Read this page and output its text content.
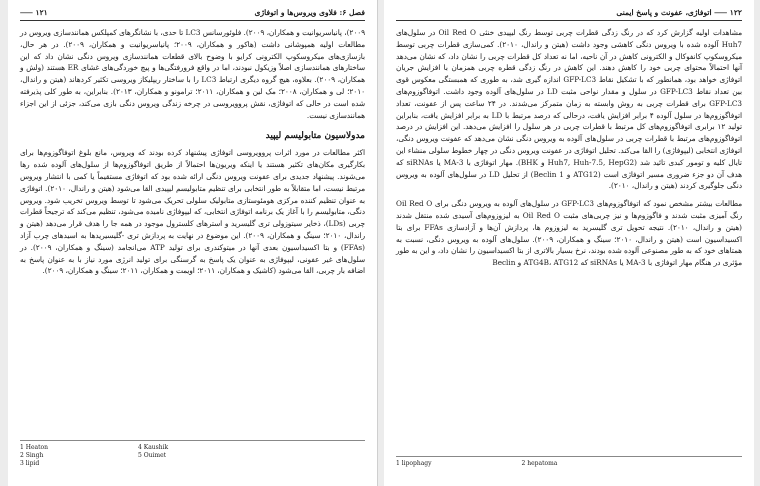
فصل ۶: فلاوی ویروس‌ها و اتوفاژی
۱۲۱ ⸺

۲۰۰۹)، پانیاسریوانیت و همکاران، ۲۰۰۹). فلوئورسانس LC3 تا حدی، با نشانگرهای کمپلکس همانندسازی ویروس در مطالعات اولیه همپوشانی داشت (هاکور و همکاران، ۲۰۰۹؛ پانیاسریوانیت و همکاران، ۲۰۰۹). در هر حال، بازسازی‌های میکروسکوپ الکترونی کرایو با وضوح بالای قطعات همانندسازی ویروس دنگی نشان داد که این ساختارهای همانندسازی اصلاً وزیکول نبودند، اما در واقع فرورفتگی‌ها و پیچ خوردگی‌های غشای ER هستند (ولش و همکاران، ۲۰۰۹). بعلاوه، هیچ گروه دیگری ارتباط LC3 را با ساختار ریپلیکاز ویروسی تکثیر کردهاند (هیتن و راندال، ۲۰۱۰؛ لی و همکاران، ۲۰۰۸؛ مک لین و همکاران، ۲۰۱۱؛ ترامونو و همکاران، ۲۰۱۳). بنابراین، به طور کلی پذیرفته شده است در حالی که اتوفاژی، نقش پروویروسی در چرخه زندگی ویروس دنگی بازی می‌کند، جزئی از این اجزاء همانندسازی نیست.

مدولاسیون متابولیسم لیپید

اکثر مطالعات در مورد اثرات پروویروسی اتوفاژی پیشنهاد کرده بودند که ویروس، مانع بلوغ اتوفاگوزوم‌ها برای بکارگیری مکان‌های تکثیر هستند یا اینکه ویریون‌ها احتمالاً از طریق اتوفاگوزوم‌ها از سلول‌های آلوده شده رها می‌شوند. پیشنهاد جدیدی برای عفونت ویروس دنگی ارائه شده بود که اتوفاژی مستقیماً یا کمی با انتشار ویروس مرتبط نیست، اما متقابلاً به طور انتخابی برای تنظیم متابولیسم لیپیدی القا می‌شود (هیتن و راندال، ۲۰۱۰). اتوفاژی به عنوان تنظیم کننده مرکزی هومئوستازی متابولیک سلولی تحریک می‌شود تا توسط ویروس تخریب شود. ویروس دنگی، متابولیسم را با آغاز یک برنامه اتوفاژی انتخابی، که لیپوفاژی نامیده می‌شود، تنظیم می‌کند که ترجیحاً قطرات چربی (LDs)، ذخایر سیتوزولی تری گلیسرید و استرهای کلسترول موجود در همه جا را هدف قرار می‌دهد (هیتن و راندال، ۲۰۱۰؛ سینگ و همکاران، ۲۰۰۹). این موضوع در نهایت به پردازش تری -گلیسیریدها به اسیدهای چرب آزاد (FFAs) و بتا اکسیداسیون بعدی آنها در میتوکندری برای تولید ATP می‌انجامد (سینگ و همکاران، ۲۰۰۹). در سلول‌های غیر عفونی، لیپوفاژی به عنوان یک پاسخ به گرسنگی برای تولید انرژی مورد نیاز با به عنوان پاسخ به اضافه بار چربی، القا می‌شود (کاشیک و همکاران، ۲۰۱۱؛ اویمت و همکاران، ۲۰۱۱؛ سینگ و همکاران، ۲۰۰۹).

1 Heaton
2 Singh
3 lipid
4 Kaushik
5 Ouimet
۱۲۲ ⸺ اتوفاژی، عفونت و پاسخ ایمنی

مشاهدات اولیه گزارش کرد که در رنگ زدگی قطرات چربی توسط رنگ لیپیدی خنثی Oil Red O در سلول‌های Huh7 آلوده شده با ویروس دنگی کاهشی وجود داشت (هیتن و راندال، ۲۰۱۰). کمی‌سازی قطرات چربی توسط میکروسکوپ کانفوکال و الکترونی کاهش در آن ناحیه، اما نه تعداد کل قطرات چربی را نشان داد، که نشان می‌دهد آنها احتمالاً محتوای چربی خود را کاهش دهند. این کاهش در رنگ زدگی قطره چربی همزمان با افزایش جریان اتوفاژی خواهد بود، همانطور که با تشکیل نقاط GFP-LC3 اندازه گیری شد، به طوری که همبستگی معکوس قوی بین تعداد نقاط GFP-LC3 در سلول و مقدار نواحی مثبت LD در سلول‌های آلوده وجود داشت. اتوفاگوزوم‌های GFP-LC3 برای قطرات چربی به روش وابسته به زمان متمرکز می‌شدند. در ۲۴ ساعت پس از عفونت، تعداد اتوفاگوزوم‌ها در سلول آلوده ۴ برابر افزایش یافت، درحالی که درصد مرتبط با LD به برابر افزایش یافت، بنابراین تولید ۱۲ برابری اتوفاگوزوم‌های کل مرتبط با قطرات چربی در هر سلول را افزایش می‌دهد. این افزایش در درصد اتوفاگوزوم‌های مرتبط با قطرات چربی در سلول‌های آلوده به ویروس دنگی نشان می‌دهد که عفونت ویروس دنگی، اتوفاژی انتخابی (لیپوفاژی) را القا می‌کند. تحلیل اتوفاژی در عفونت ویروس دنگی در چهار خطوط سلولی منشاء این تایال کلیه و تومور کبدی تائید شد (Huh7, Huh-7.5, HepG2 و BHK). مهار اتوفاژی با 3-MA یا siRNAs که هدف آن دو جزء ضروری مسیر اتوفاژی است (ATG12 و Beclin 1) از تحلیل LD در سلول‌های آلوده به ویروس دنگی جلوگیری کردند (هیتن و راندال، ۲۰۱۰).

مطالعات بیشتر مشخص نمود که اتوفاگوزوم‌های GFP-LC3 در سلول‌های آلوده به ویروس دنگی برای Oil Red O رنگ آمیزی مثبت شدند و فاگوزوم‌ها و نیز چربی‌های مثبت Oil Red O به لیزوزوم‌های آسیدی شده منتقل شدند (هیتن و راندال، ۲۰۱۰). نتیجه تحویل تری گلیسرید به لیزوزوم ها، پردازش آن‌ها و آزادسازی FFAs برای بتا اکسیداسیون است (هیتن و راندال، ۲۰۱۰؛ سینگ و همکاران، ۲۰۰۹). سلول‌های آلوده به ویروس دنگی، نسبت به همتاهای خود که به طور مصنوعی آلوده شده بودند، نرخ بسیار بالاتری از بتا اکسیداسیون را نشان داد، و این به طور مؤثری در هنگام مهار اتوفاژی با 3-MA یا siRNAs که ATG4B، ATG12 و Beclin

1 lipophagy	2 hepatoma
